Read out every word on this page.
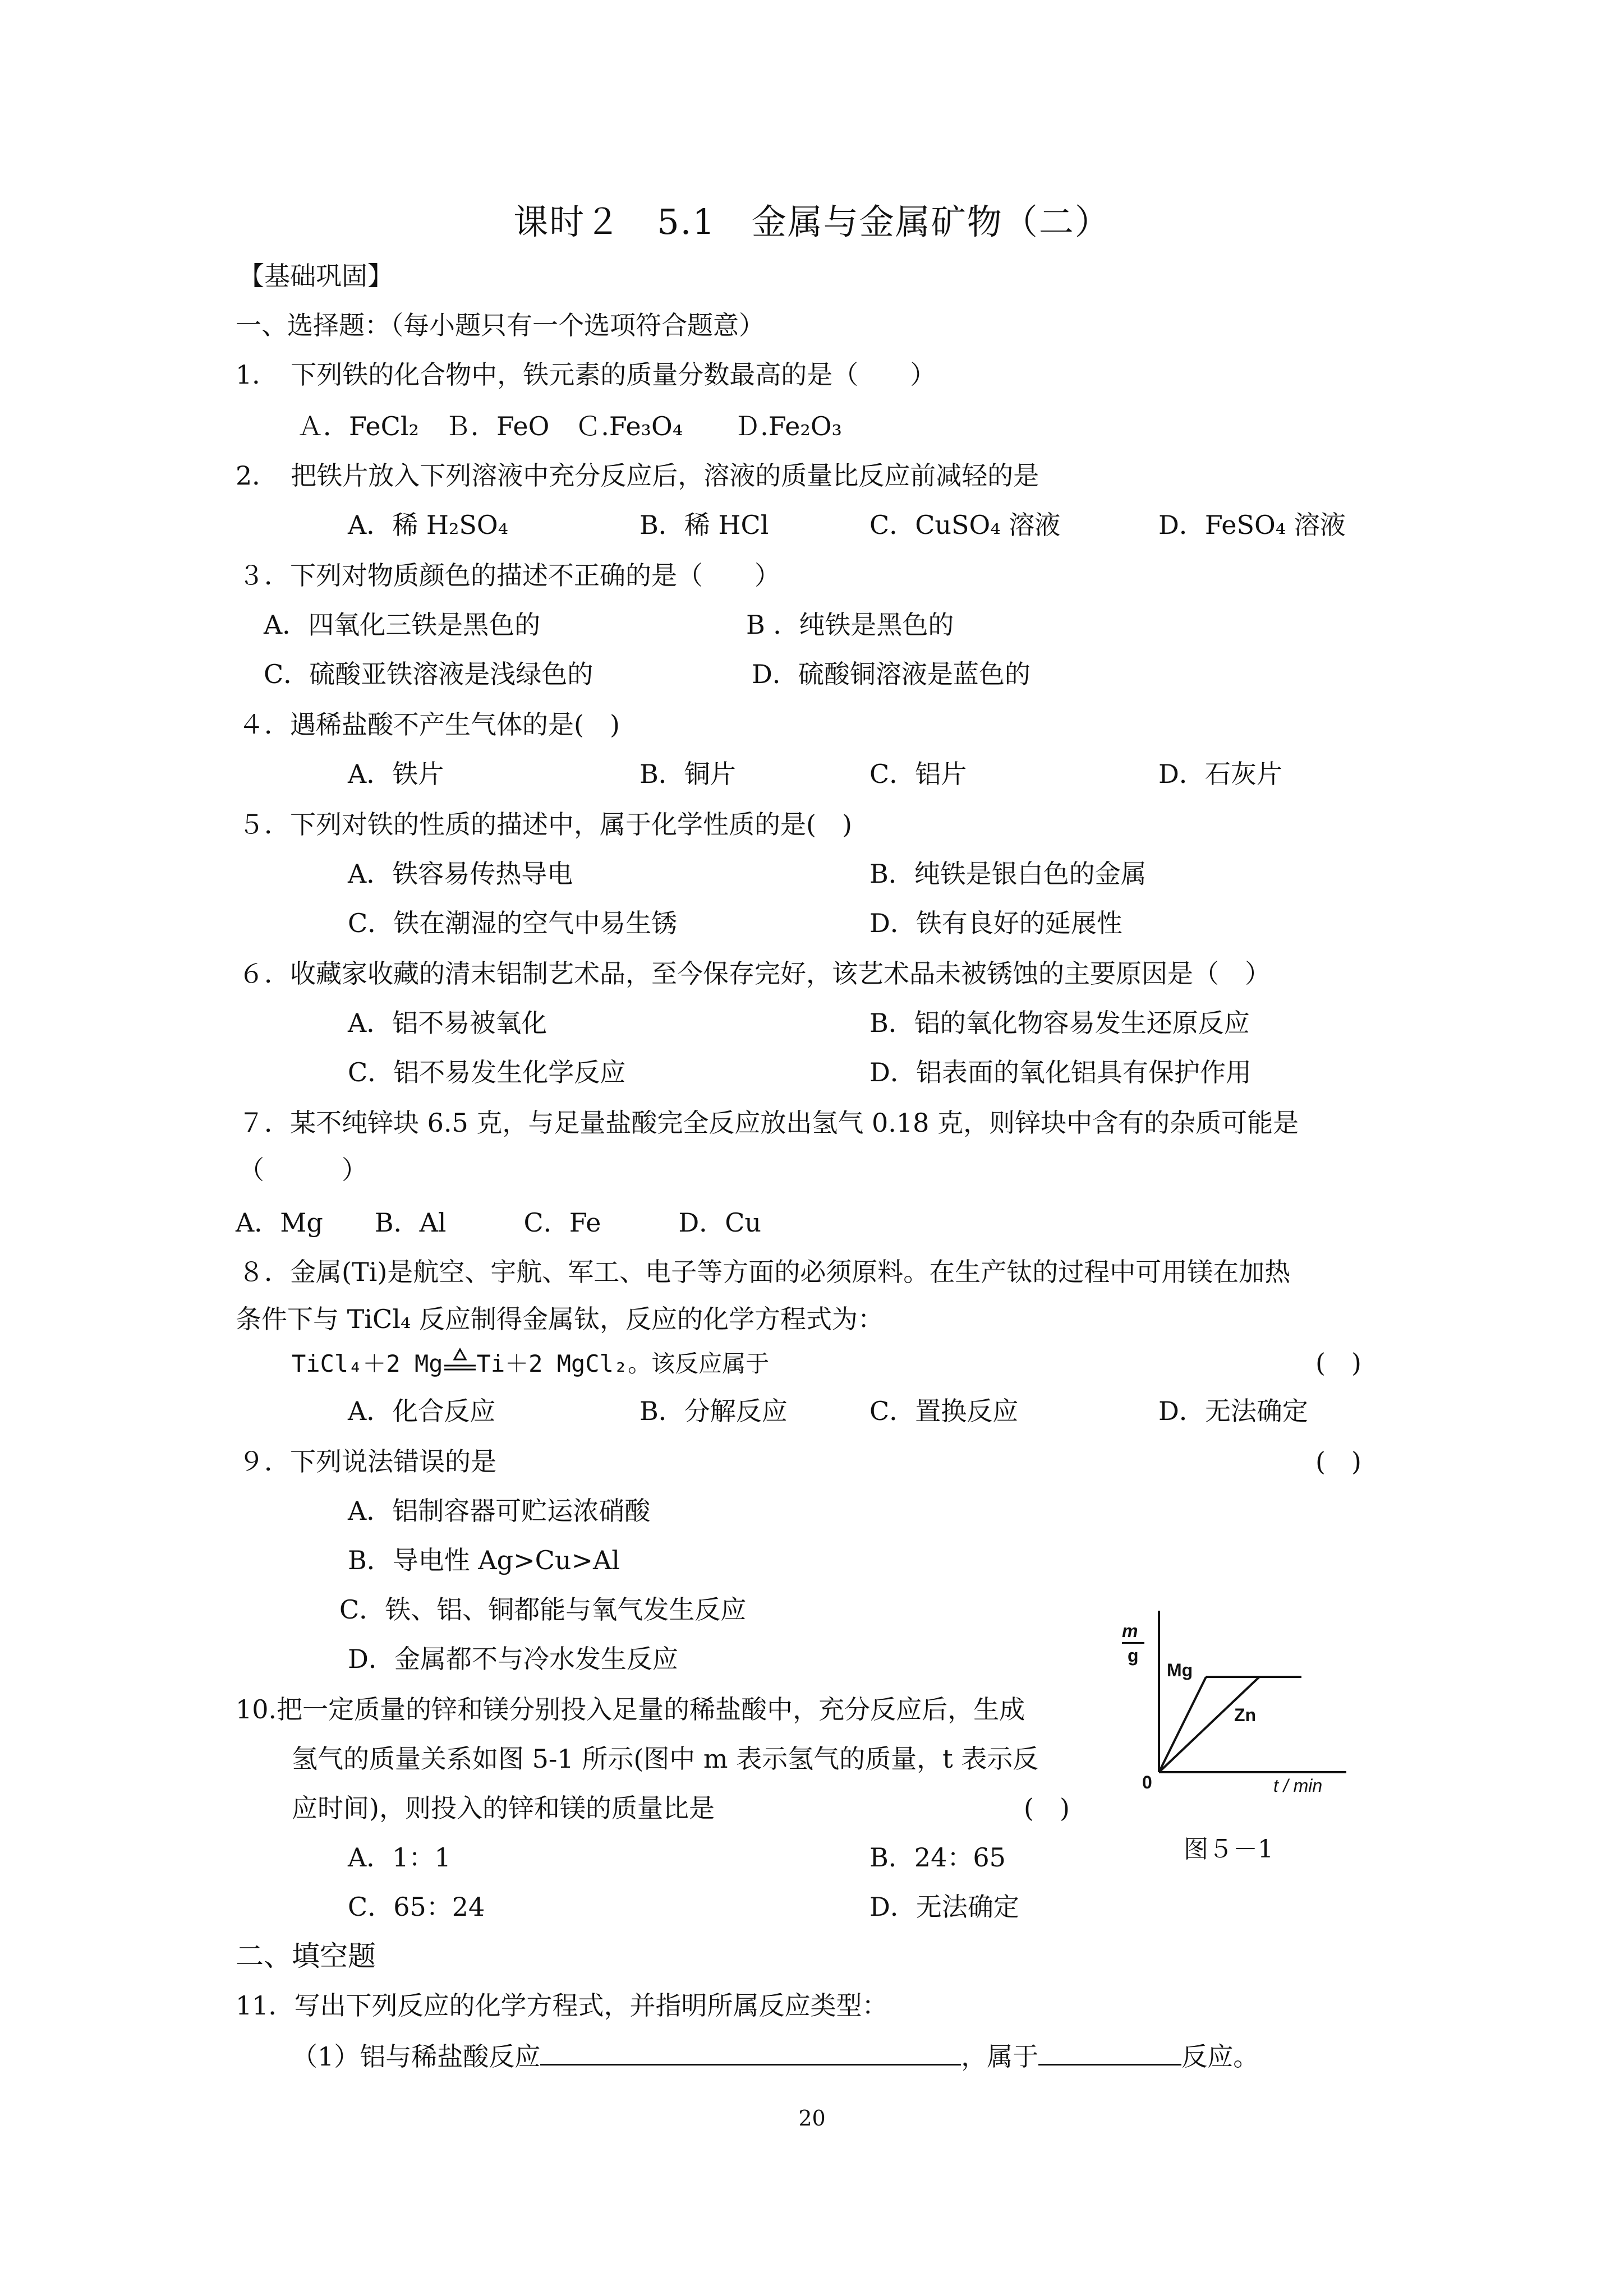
课时２　5.1　金属与金属矿物（二）
【基础巩固】
一、选择题：（每小题只有一个选项符合题意）
1．　下列铁的化合物中，铁元素的质量分数最高的是（　　）
Ａ．FeCl₂　Ｂ．FeO　Ｃ.Fe₃O₄　　Ｄ.Fe₂O₃
2．　把铁片放入下列溶液中充分反应后，溶液的质量比反应前减轻的是
A．稀 H₂SO₄	B．稀 HCl	C．CuSO₄ 溶液	D．FeSO₄ 溶液
３．下列对物质颜色的描述不正确的是（　　）
A．四氧化三铁是黑色的	B ．纯铁是黑色的
C．硫酸亚铁溶液是浅绿色的	D．硫酸铜溶液是蓝色的
４．遇稀盐酸不产生气体的是(　)
A．铁片	B．铜片	C．铝片	D．石灰片
５．下列对铁的性质的描述中，属于化学性质的是(　)
A．铁容易传热导电	B．纯铁是银白色的金属
C．铁在潮湿的空气中易生锈	D．铁有良好的延展性
６．收藏家收藏的清末铝制艺术品，至今保存完好，该艺术品未被锈蚀的主要原因是（　）
A．铝不易被氧化	B．铝的氧化物容易发生还原反应
C．铝不易发生化学反应	D．铝表面的氧化铝具有保护作用
７．某不纯锌块 6.5 克，与足量盐酸完全反应放出氢气 0.18 克，则锌块中含有的杂质可能是
（　　　）
A．Mg　　B．Al　　　C．Fe　　　D．Cu
８．金属(Ti)是航空、宇航、军工、电子等方面的必须原料。在生产钛的过程中可用镁在加热
条件下与 TiCl₄ 反应制得金属钛，反应的化学方程式为：
TiCl₄＋2 Mg Ti＋2 MgCl₂。该反应属于	(　)
A．化合反应	B．分解反应	C．置换反应	D．无法确定
９．下列说法错误的是	(　)
A．铝制容器可贮运浓硝酸
B．导电性 Ag>Cu>Al
C．铁、铝、铜都能与氧气发生反应
D．金属都不与冷水发生反应
10.把一定质量的锌和镁分别投入足量的稀盐酸中，充分反应后，生成
氢气的质量关系如图 5-1 所示(图中 m 表示氢气的质量，t 表示反
应时间)，则投入的锌和镁的质量比是	(　)
A．1：1	B．24：65
C．65：24	D．无法确定
m
g
Mg
Zn
0	t / min
图５－1
二、填空题
11．写出下列反应的化学方程式，并指明所属反应类型：
（1）铝与稀盐酸反应	，属于	反应。
20
